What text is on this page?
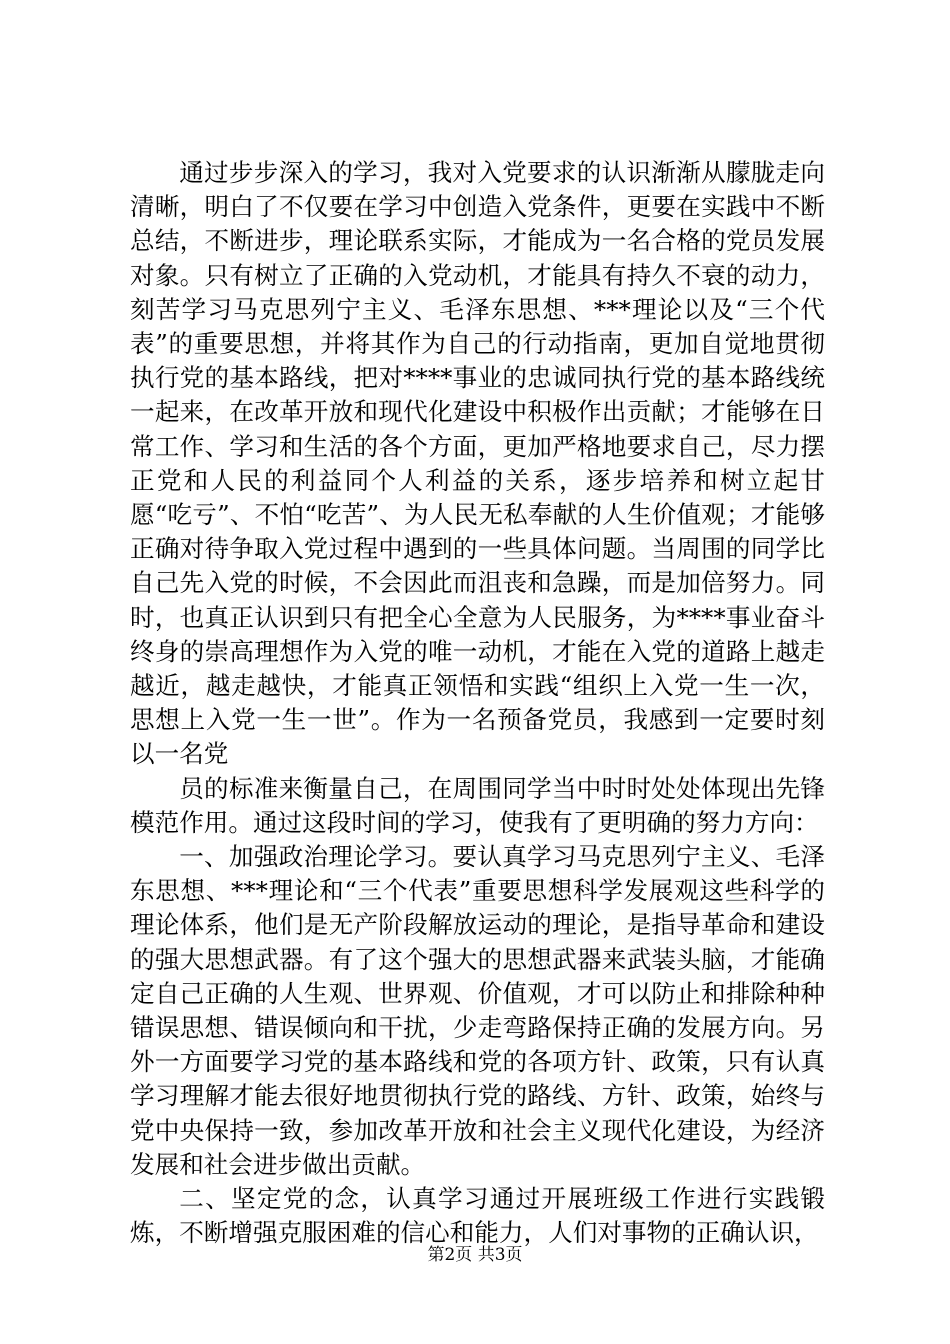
通过步步深入的学习，我对入党要求的认识渐渐从朦胧走向清晰，明白了不仅要在学习中创造入党条件，更要在实践中不断总结，不断进步，理论联系实际，才能成为一名合格的党员发展对象。只有树立了正确的入党动机，才能具有持久不衰的动力，刻苦学习马克思列宁主义、毛泽东思想、***理论以及“三个代表”的重要思想，并将其作为自己的行动指南，更加自觉地贯彻执行党的基本路线，把对****事业的忠诚同执行党的基本路线统一起来，在改革开放和现代化建设中积极作出贡献；才能够在日常工作、学习和生活的各个方面，更加严格地要求自己，尽力摆正党和人民的利益同个人利益的关系，逐步培养和树立起甘愿“吃亏”、不怕“吃苦”、为人民无私奉献的人生价值观；才能够正确对待争取入党过程中遇到的一些具体问题。当周围的同学比自己先入党的时候，不会因此而沮丧和急躁，而是加倍努力。同时，也真正认识到只有把全心全意为人民服务，为****事业奋斗终身的崇高理想作为入党的唯一动机，才能在入党的道路上越走越近，越走越快，才能真正领悟和实践“组织上入党一生一次，思想上入党一生一世”。作为一名预备党员，我感到一定要时刻以一名党

员的标准来衡量自己，在周围同学当中时时处处体现出先锋模范作用。通过这段时间的学习，使我有了更明确的努力方向：

一、加强政治理论学习。要认真学习马克思列宁主义、毛泽东思想、***理论和“三个代表”重要思想科学发展观这些科学的理论体系，他们是无产阶段解放运动的理论，是指导革命和建设的强大思想武器。有了这个强大的思想武器来武装头脑，才能确定自己正确的人生观、世界观、价值观，才可以防止和排除种种错误思想、错误倾向和干扰，少走弯路保持正确的发展方向。另外一方面要学习党的基本路线和党的各项方针、政策，只有认真学习理解才能去很好地贯彻执行党的路线、方针、政策，始终与党中央保持一致，参加改革开放和社会主义现代化建设，为经济发展和社会进步做出贡献。

二、坚定党的念，认真学习通过开展班级工作进行实践锻炼，不断增强克服困难的信心和能力，人们对事物的正确认识，

第2页 共3页
